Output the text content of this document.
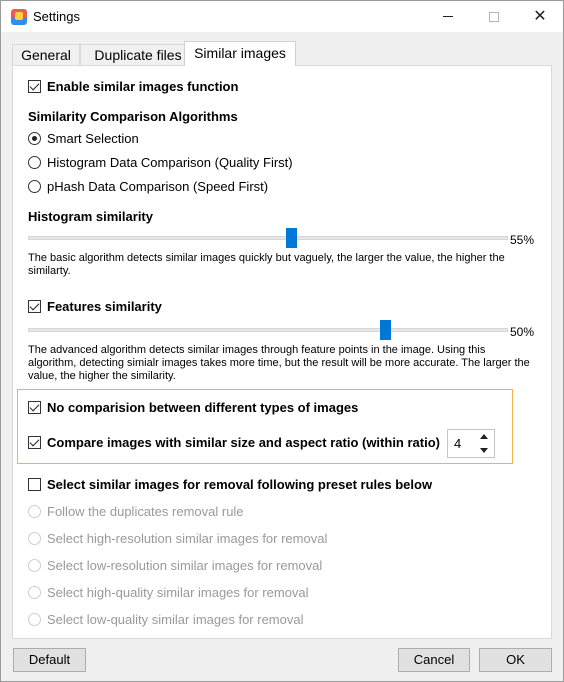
Settings	✕
General	Duplicate files Similar images
Enable similar images function
Similarity Comparison Algorithms
Smart Selection
Histogram Data Comparison (Quality First)
pHash Data Comparison (Speed First)
Histogram similarity
55%
The basic algorithm detects similar images quickly but vaguely, the larger the value, the higher the similarty.
Features similarity
50%
The advanced algorithm detects similar images through feature points in the image. Using this algorithm, detecting simialr images takes more time, but the result will be more accurate. The larger the value, the higher the similarity.
No comparision between different types of images
Compare images with similar size and aspect ratio (within ratio) 4
Select similar images for removal following preset rules below
Follow the duplicates removal rule
Select high-resolution similar images for removal
Select low-resolution similar images for removal
Select high-quality similar images for removal
Select low-quality similar images for removal
Default	Cancel	OK
